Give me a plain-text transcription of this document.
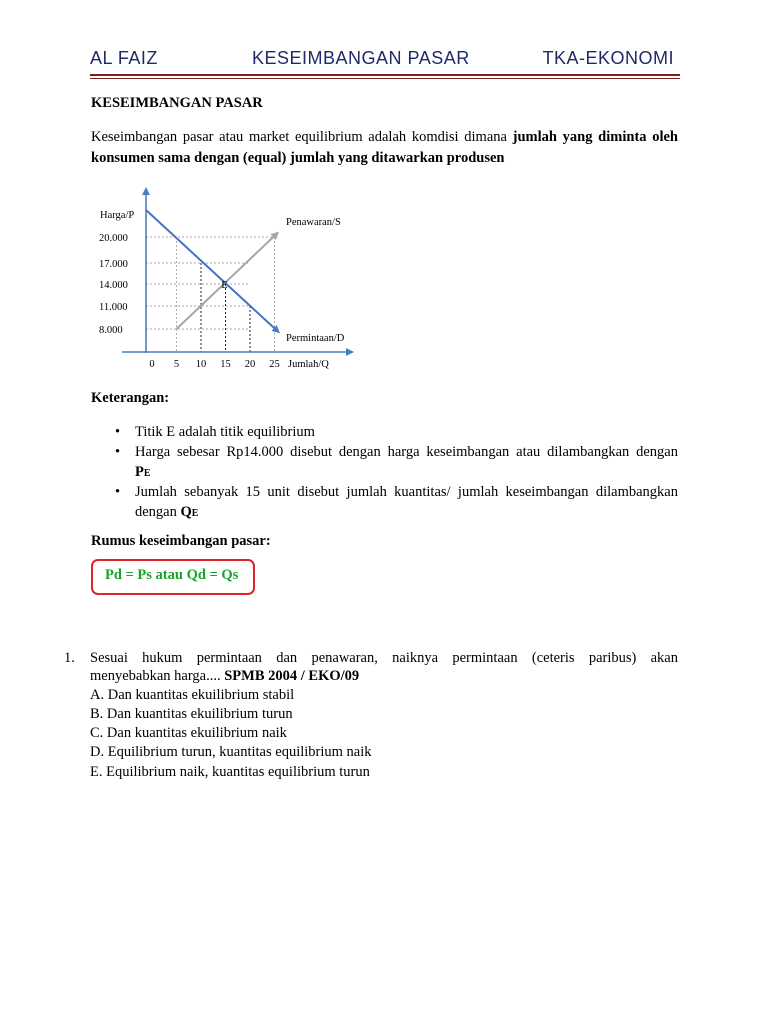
AL FAIZ	KESEIMBANGAN PASAR	TKA-EKONOMI
KESEIMBANGAN PASAR
Keseimbangan pasar atau market equilibrium adalah komdisi dimana jumlah yang diminta oleh
konsumen sama dengan (equal) jumlah yang ditawarkan produsen
20.000
17.000
14.000
11.000
8.000
0 5 10 15 20 25
Harga/P
Jumlah/Q
Penawaran/S
Permintaan/D
E
Keterangan:
• Titik E adalah titik equilibrium
• Harga sebesar Rp14.000 disebut dengan harga keseimbangan atau dilambangkan dengan
PE
• Jumlah sebanyak 15 unit disebut jumlah kuantitas/ jumlah keseimbangan dilambangkan
dengan QE
Rumus keseimbangan pasar:
Pd = Ps atau Qd = Qs
1. Sesuai hukum permintaan dan penawaran, naiknya permintaan (ceteris paribus) akan
menyebabkan harga.... SPMB 2004 / EKO/09
A. Dan kuantitas ekuilibrium stabil
B. Dan kuantitas ekuilibrium turun
C. Dan kuantitas ekuilibrium naik
D. Equilibrium turun, kuantitas equilibrium naik
E. Equilibrium naik, kuantitas equilibrium turun
